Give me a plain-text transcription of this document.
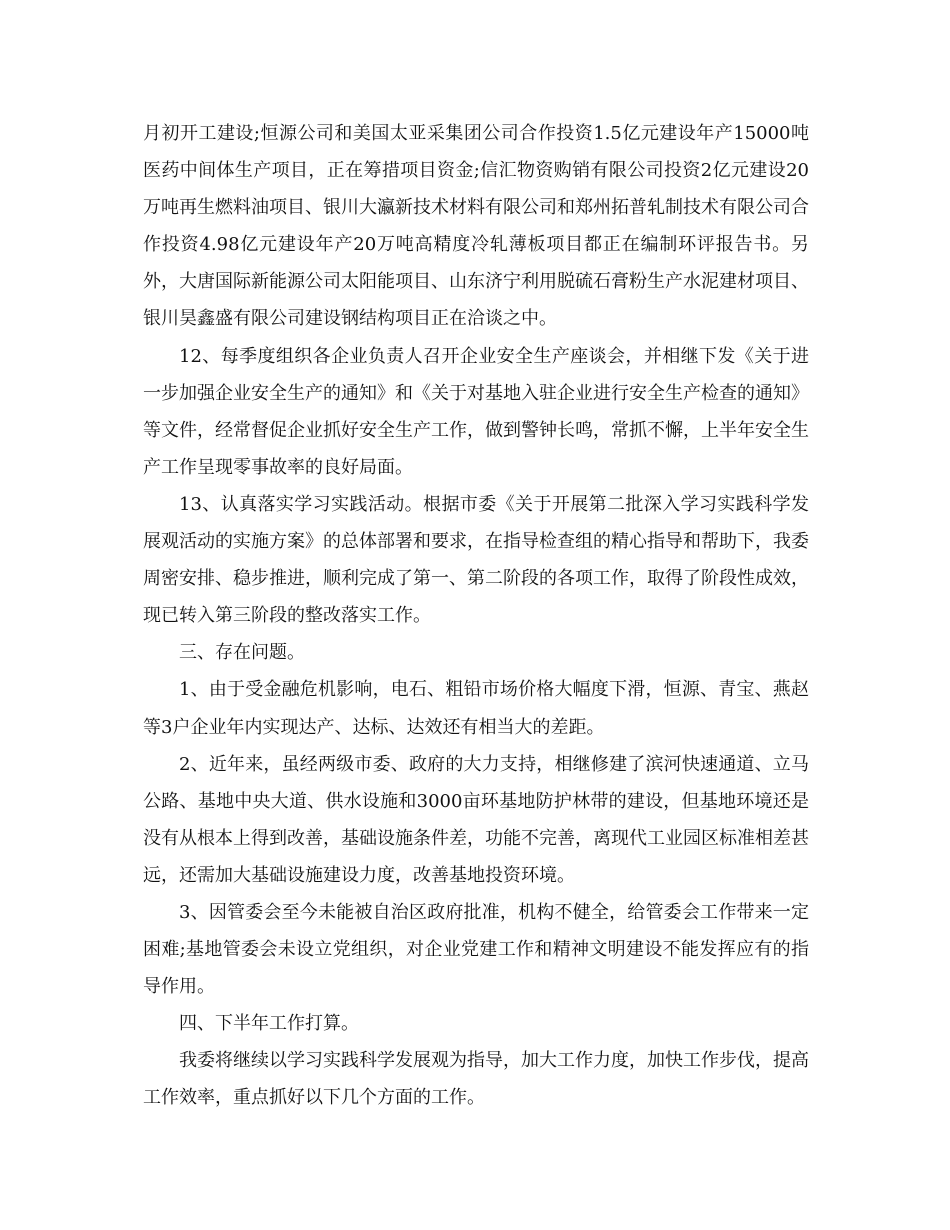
月初开工建设;恒源公司和美国太亚采集团公司合作投资1.5亿元建设年产15000吨医药中间体生产项目，正在筹措项目资金;信汇物资购销有限公司投资2亿元建设20万吨再生燃料油项目、银川大瀛新技术材料有限公司和郑州拓普轧制技术有限公司合作投资4.98亿元建设年产20万吨高精度冷轧薄板项目都正在编制环评报告书。另外，大唐国际新能源公司太阳能项目、山东济宁利用脱硫石膏粉生产水泥建材项目、银川昊鑫盛有限公司建设钢结构项目正在洽谈之中。

12、每季度组织各企业负责人召开企业安全生产座谈会，并相继下发《关于进一步加强企业安全生产的通知》和《关于对基地入驻企业进行安全生产检查的通知》等文件，经常督促企业抓好安全生产工作，做到警钟长鸣，常抓不懈，上半年安全生产工作呈现零事故率的良好局面。

13、认真落实学习实践活动。根据市委《关于开展第二批深入学习实践科学发展观活动的实施方案》的总体部署和要求，在指导检查组的精心指导和帮助下，我委周密安排、稳步推进，顺利完成了第一、第二阶段的各项工作，取得了阶段性成效，现已转入第三阶段的整改落实工作。

三、存在问题。

1、由于受金融危机影响，电石、粗铅市场价格大幅度下滑，恒源、青宝、燕赵等3户企业年内实现达产、达标、达效还有相当大的差距。

2、近年来，虽经两级市委、政府的大力支持，相继修建了滨河快速通道、立马公路、基地中央大道、供水设施和3000亩环基地防护林带的建设，但基地环境还是没有从根本上得到改善，基础设施条件差，功能不完善，离现代工业园区标准相差甚远，还需加大基础设施建设力度，改善基地投资环境。

3、因管委会至今未能被自治区政府批准，机构不健全，给管委会工作带来一定困难;基地管委会未设立党组织，对企业党建工作和精神文明建设不能发挥应有的指导作用。

四、下半年工作打算。

我委将继续以学习实践科学发展观为指导，加大工作力度，加快工作步伐，提高工作效率，重点抓好以下几个方面的工作。
